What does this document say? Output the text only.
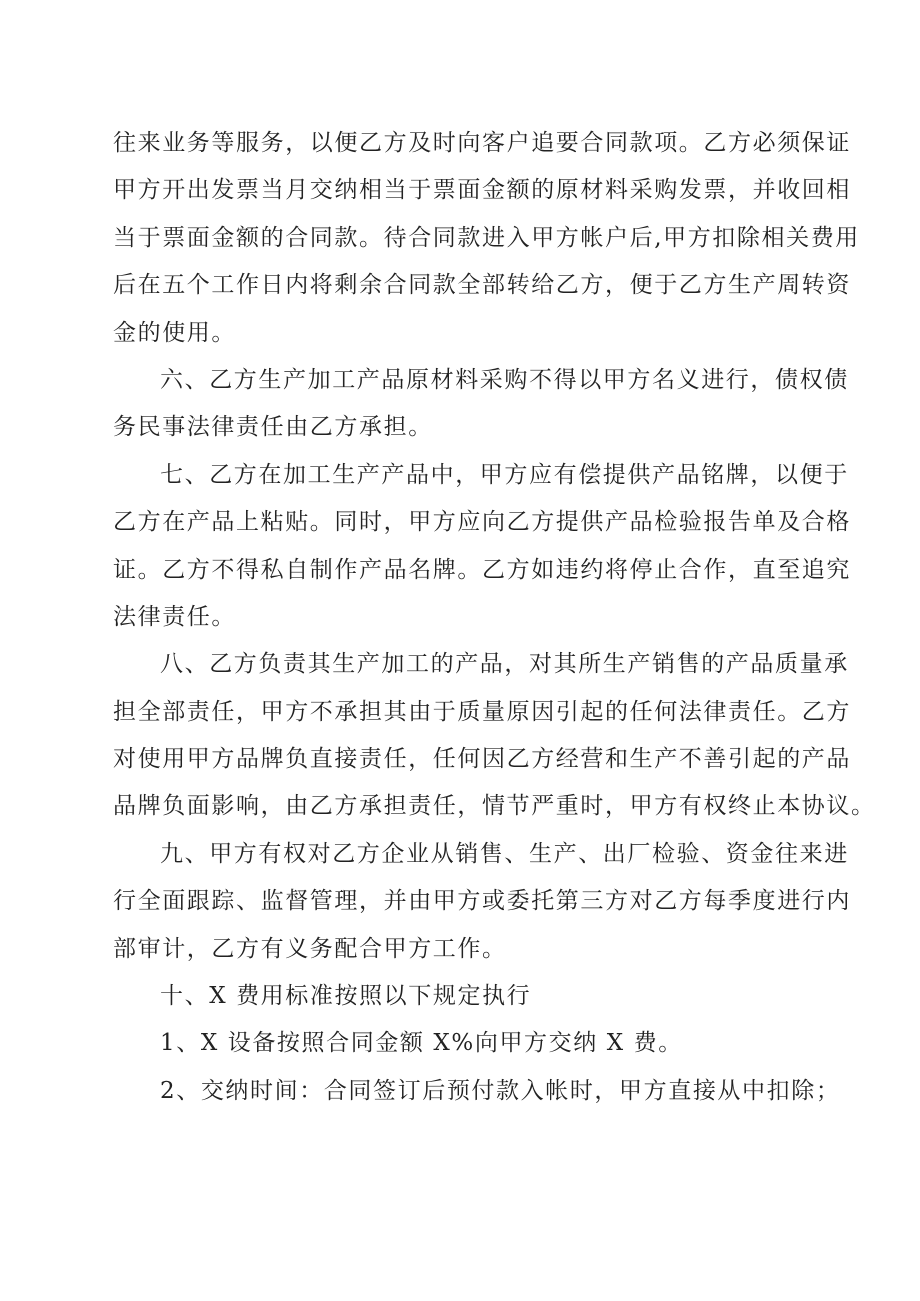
往来业务等服务，以便乙方及时向客户追要合同款项。乙方必须保证
甲方开出发票当月交纳相当于票面金额的原材料采购发票，并收回相
当于票面金额的合同款。待合同款进入甲方帐户后,甲方扣除相关费用
后在五个工作日内将剩余合同款全部转给乙方，便于乙方生产周转资
金的使用。
六、乙方生产加工产品原材料采购不得以甲方名义进行，债权债
务民事法律责任由乙方承担。
七、乙方在加工生产产品中，甲方应有偿提供产品铭牌，以便于
乙方在产品上粘贴。同时，甲方应向乙方提供产品检验报告单及合格
证。乙方不得私自制作产品名牌。乙方如违约将停止合作，直至追究
法律责任。
八、乙方负责其生产加工的产品，对其所生产销售的产品质量承
担全部责任，甲方不承担其由于质量原因引起的任何法律责任。乙方
对使用甲方品牌负直接责任，任何因乙方经营和生产不善引起的产品
品牌负面影响，由乙方承担责任，情节严重时，甲方有权终止本协议。
九、甲方有权对乙方企业从销售、生产、出厂检验、资金往来进
行全面跟踪、监督管理，并由甲方或委托第三方对乙方每季度进行内
部审计，乙方有义务配合甲方工作。
十、X 费用标准按照以下规定执行
1、X 设备按照合同金额 X%向甲方交纳 X 费。
2、交纳时间：合同签订后预付款入帐时，甲方直接从中扣除；
